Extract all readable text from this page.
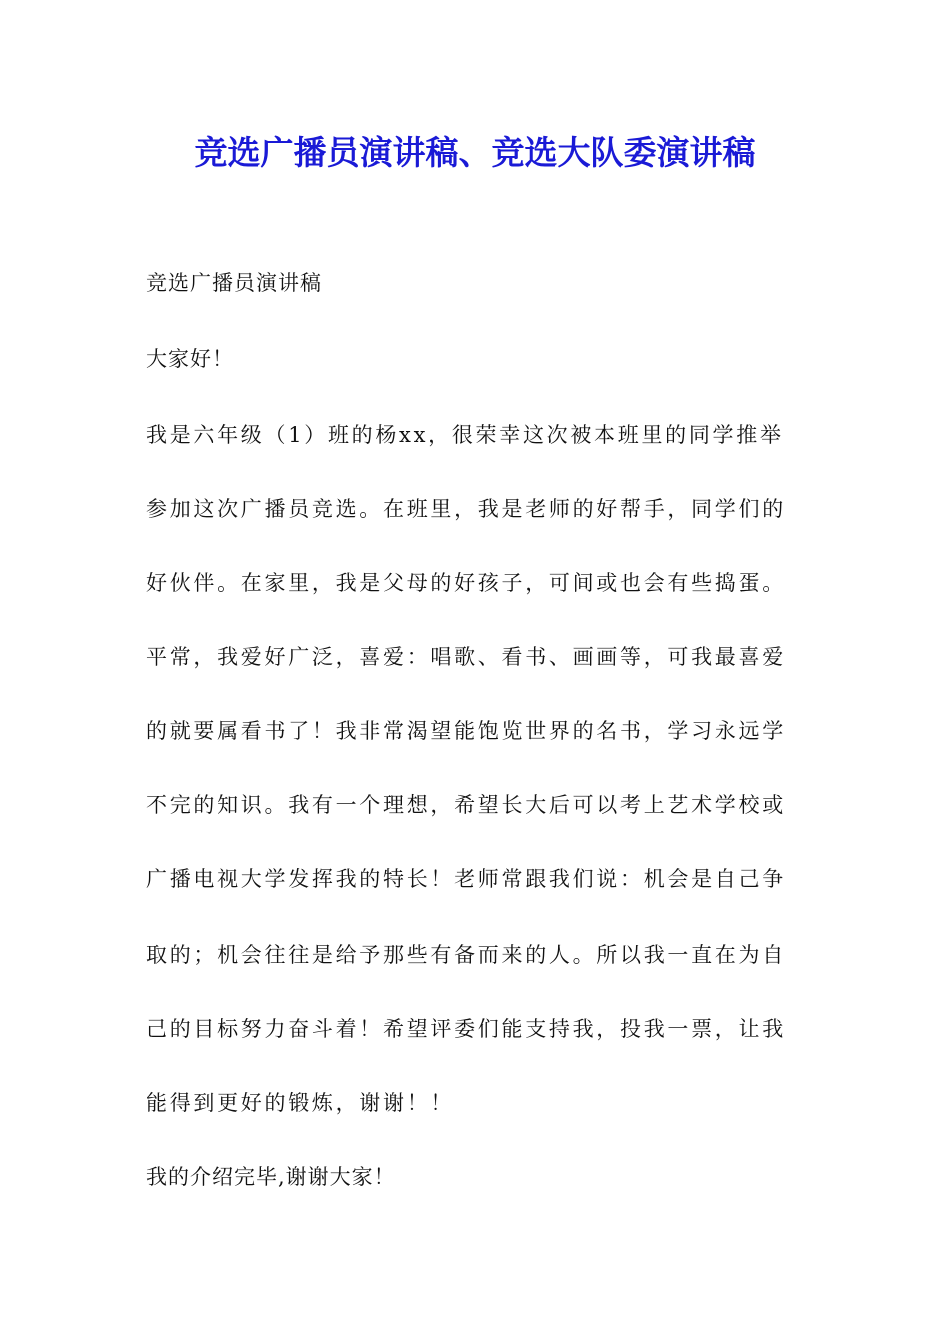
竞选广播员演讲稿、竞选大队委演讲稿

竞选广播员演讲稿

大家好！

我是六年级（1）班的杨xx，很荣幸这次被本班里的同学推举

参加这次广播员竞选。在班里，我是老师的好帮手，同学们的

好伙伴。在家里，我是父母的好孩子，可间或也会有些捣蛋。

平常，我爱好广泛，喜爱：唱歌、看书、画画等，可我最喜爱

的就要属看书了！我非常渴望能饱览世界的名书，学习永远学

不完的知识。我有一个理想，希望长大后可以考上艺术学校或

广播电视大学发挥我的特长！老师常跟我们说：机会是自己争

取的；机会往往是给予那些有备而来的人。所以我一直在为自

己的目标努力奋斗着！希望评委们能支持我，投我一票，让我

能得到更好的锻炼，谢谢！！

我的介绍完毕,谢谢大家！
